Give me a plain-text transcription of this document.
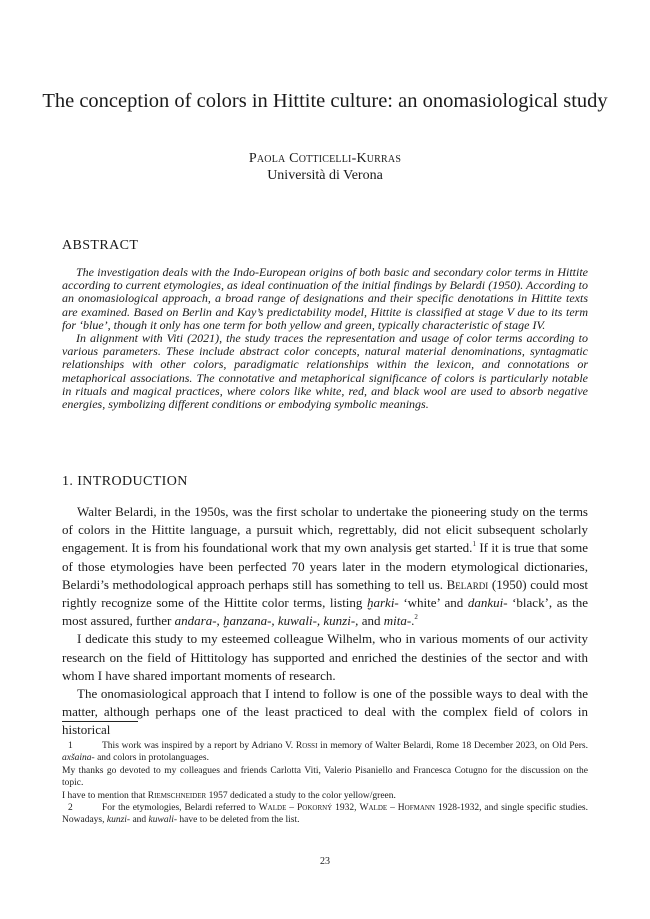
The conception of colors in Hittite culture: an onomasiological study
Paola Cotticelli-Kurras
Università di Verona
ABSTRACT

The investigation deals with the Indo-European origins of both basic and secondary color terms in Hittite according to current etymologies, as ideal continuation of the initial findings by Belardi (1950). According to an onomasiological approach, a broad range of designations and their specific denotations in Hittite texts are examined. Based on Berlin and Kay’s predictability model, Hittite is classified at stage V due to its term for ‘blue’, though it only has one term for both yellow and green, typically characteristic of stage IV.

In alignment with Viti (2021), the study traces the representation and usage of color terms according to various parameters. These include abstract color concepts, natural material denominations, syntagmatic relationships with other colors, paradigmatic relationships within the lexicon, and connotations or metaphorical associations. The connotative and metaphorical significance of colors is particularly notable in rituals and magical practices, where colors like white, red, and black wool are used to absorb negative energies, symbolizing different conditions or embodying symbolic meanings.

1. INTRODUCTION

Walter Belardi, in the 1950s, was the first scholar to undertake the pioneering study on the terms of colors in the Hittite language, a pursuit which, regrettably, did not elicit subsequent scholarly engagement. It is from his foundational work that my own analysis get started.$^1$ If it is true that some of those etymologies have been perfected 70 years later in the modern etymological dictionaries, Belardi’s methodological approach perhaps still has something to tell us. Belardi (1950) could most rightly recognize some of the Hittite color terms, listing ḫarki- ‘white’ and dankui- ‘black’, as the most assured, further andara-, ḫanzana-, kuwali-, kunzi-, and mita-.$^2$

I dedicate this study to my esteemed colleague Wilhelm, who in various moments of our activity research on the field of Hittitology has supported and enriched the destinies of the sector and with whom I have shared important moments of research.

The onomasiological approach that I intend to follow is one of the possible ways to deal with the matter, although perhaps one of the least practiced to deal with the complex field of colors in historical

1	This work was inspired by a report by Adriano V. Rossi in memory of Walter Belardi, Rome 18 December 2023, on Old Pers. axšaina- and colors in protolanguages.

My thanks go devoted to my colleagues and friends Carlotta Viti, Valerio Pisaniello and Francesca Cotugno for the discussion on the topic.

I have to mention that Riemschneider 1957 dedicated a study to the color yellow/green.

2	For the etymologies, Belardi referred to Walde – Pokorný 1932, Walde – Hofmann 1928-1932, and single specific studies. Nowadays, kunzi- and kuwali- have to be deleted from the list.

23
